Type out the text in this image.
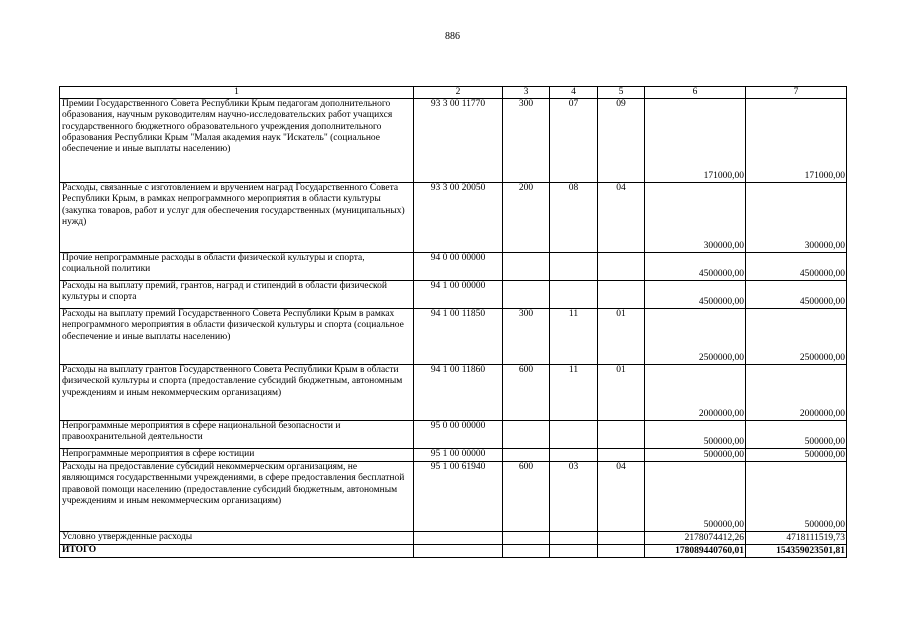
886
1	2	3	4	5	6	7
Премии Государственного Совета Республики Крым педагогам дополнительного образования, научным руководителям научно-исследовательских работ учащихся государственного бюджетного образовательного учреждения дополнительного образования Республики Крым "Малая академия наук "Искатель" (социальное обеспечение и иные выплаты населению)	93 3 00 11770	300	07	09	171000,00	171000,00
Расходы, связанные с изготовлением и вручением наград Государственного Совета Республики Крым, в рамках непрограммного мероприятия в области культуры (закупка товаров, работ и услуг для обеспечения государственных (муниципальных) нужд)	93 3 00 20050	200	08	04	300000,00	300000,00
Прочие непрограммные расходы в области физической культуры и спорта, социальной политики	94 0 00 00000				4500000,00	4500000,00
Расходы на выплату премий, грантов, наград и стипендий в области физической культуры и спорта	94 1 00 00000				4500000,00	4500000,00
Расходы на выплату премий Государственного Совета Республики Крым в рамках непрограммного мероприятия в области физической культуры и спорта (социальное обеспечение и иные выплаты населению)	94 1 00 11850	300	11	01	2500000,00	2500000,00
Расходы на выплату грантов Государственного Совета Республики Крым в области физической культуры и спорта (предоставление субсидий бюджетным, автономным учреждениям и иным некоммерческим организациям)	94 1 00 11860	600	11	01	2000000,00	2000000,00
Непрограммные мероприятия в сфере национальной безопасности и правоохранительной деятельности	95 0 00 00000				500000,00	500000,00
Непрограммные мероприятия в сфере юстиции	95 1 00 00000				500000,00	500000,00
Расходы на предоставление субсидий некоммерческим организациям, не являющимся государственными учреждениями, в сфере предоставления бесплатной правовой помощи населению (предоставление субсидий бюджетным, автономным учреждениям и иным некоммерческим организациям)	95 1 00 61940	600	03	04	500000,00	500000,00
Условно утвержденные расходы					2178074412,26	4718111519,73
ИТОГО					178089440760,01	154359023501,81
